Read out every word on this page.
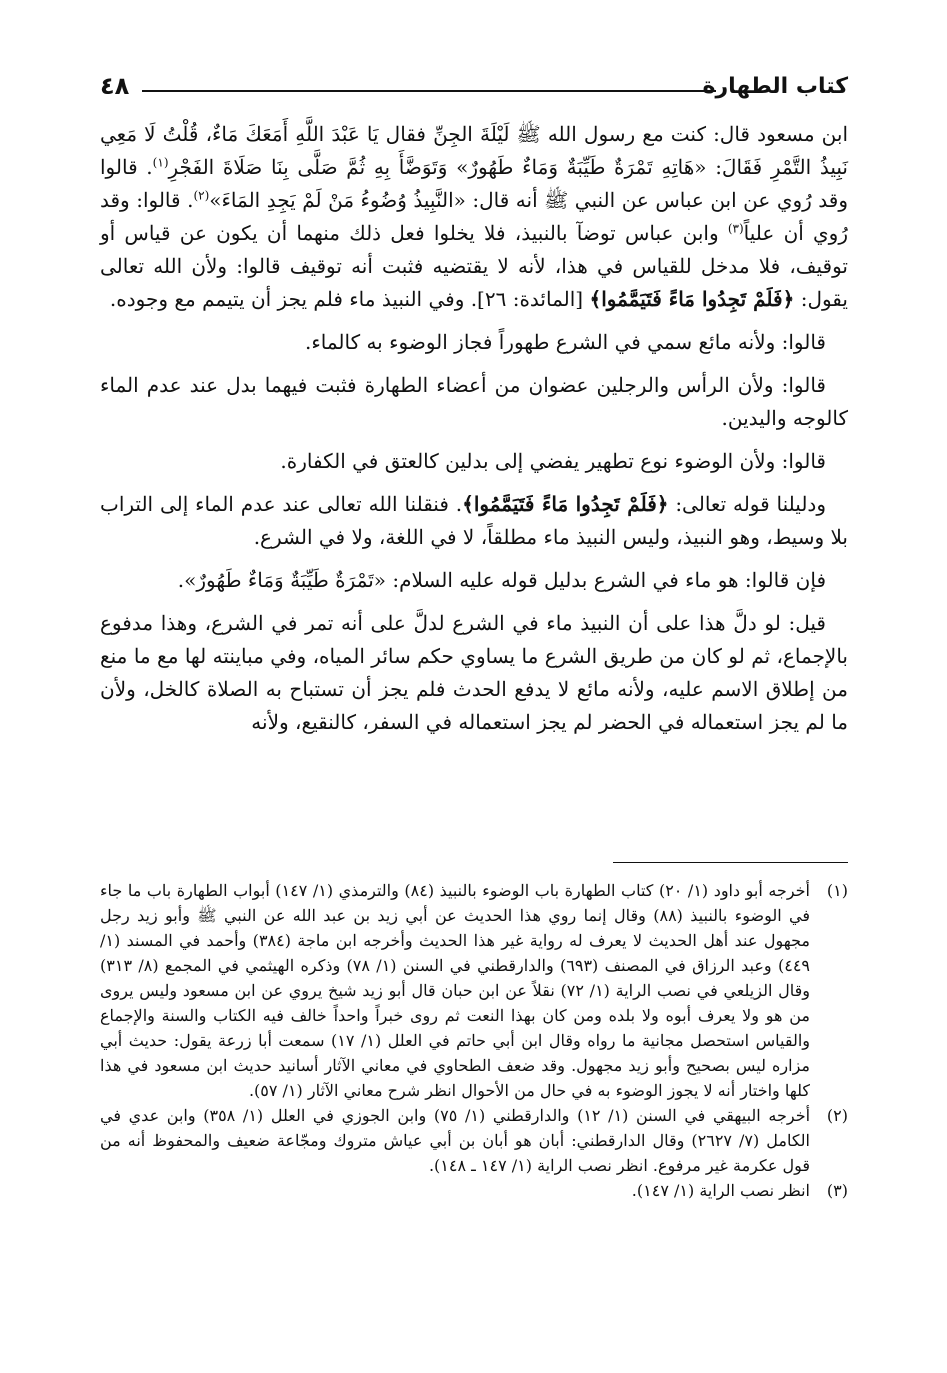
كتاب الطهارة
٤٨

ابن مسعود قال: كنت مع رسول الله ﷺ لَيْلَةَ الجِنِّ فقال يَا عَبْدَ اللَّهِ أَمَعَكَ مَاءٌ، قُلْتُ لَا مَعِي نَبِيذُ التَّمْرِ فَقَالَ: «هَاتِهِ تَمْرَةٌ طَيِّبَةٌ وَمَاءٌ طَهُورٌ» وَتَوَضَّأَ بِهِ ثُمَّ صَلَّى بِنَا صَلَاةَ الفَجْرِ$^{(١)}$. قالوا وقد رُوي عن ابن عباس عن النبي ﷺ أنه قال: «النَّبِيذُ وُضُوءُ مَنْ لَمْ يَجِدِ المَاءَ»$^{(٢)}$. قالوا: وقد رُوي أن علياً$^{(٣)}$ وابن عباس توضآ بالنبيذ، فلا يخلوا فعل ذلك منهما أن يكون عن قياس أو توقيف، فلا مدخل للقياس في هذا، لأنه لا يقتضيه فثبت أنه توقيف قالوا: ولأن الله تعالى يقول: ﴿فَلَمْ تَجِدُوا مَاءً فَتَيَمَّمُوا﴾ [المائدة: ٢٦]. وفي النبيذ ماء فلم يجز أن يتيمم مع وجوده.

قالوا: ولأنه مائع سمي في الشرع طهوراً فجاز الوضوء به كالماء.

قالوا: ولأن الرأس والرجلين عضوان من أعضاء الطهارة فثبت فيهما بدل عند عدم الماء كالوجه واليدين.

قالوا: ولأن الوضوء نوع تطهير يفضي إلى بدلين كالعتق في الكفارة.

ودليلنا قوله تعالى: ﴿فَلَمْ تَجِدُوا مَاءً فَتَيَمَّمُوا﴾. فنقلنا الله تعالى عند عدم الماء إلى التراب بلا وسيط، وهو النبيذ، وليس النبيذ ماء مطلقاً، لا في اللغة، ولا في الشرع.

فإن قالوا: هو ماء في الشرع بدليل قوله عليه السلام: «تَمْرَةٌ طَيِّبَةٌ وَمَاءٌ طَهُورٌ».

قيل: لو دلَّ هذا على أن النبيذ ماء في الشرع لدلَّ على أنه تمر في الشرع، وهذا مدفوع بالإجماع، ثم لو كان من طريق الشرع ما يساوي حكم سائر المياه، وفي مباينته لها مع ما منع من إطلاق الاسم عليه، ولأنه مائع لا يدفع الحدث فلم يجز أن تستباح به الصلاة كالخل، ولأن ما لم يجز استعماله في الحضر لم يجز استعماله في السفر، كالنقيع، ولأنه

(١)
أخرجه أبو داود (١/ ٢٠) كتاب الطهارة باب الوضوء بالنبيذ (٨٤) والترمذي (١/ ١٤٧) أبواب الطهارة باب ما جاء في الوضوء بالنبيذ (٨٨) وقال إنما روي هذا الحديث عن أبي زيد بن عبد الله عن النبي ﷺ وأبو زيد رجل مجهول عند أهل الحديث لا يعرف له رواية غير هذا الحديث وأخرجه ابن ماجة (٣٨٤) وأحمد في المسند (١/ ٤٤٩) وعبد الرزاق في المصنف (٦٩٣) والدارقطني في السنن (١/ ٧٨) وذكره الهيثمي في المجمع (٨/ ٣١٣) وقال الزيلعي في نصب الراية (١/ ٧٢) نقلاً عن ابن حبان قال أبو زيد شيخ يروي عن ابن مسعود وليس يروى من هو ولا يعرف أبوه ولا بلده ومن كان بهذا النعت ثم روى خبراً واحداً خالف فيه الكتاب والسنة والإجماع والقياس استحصل مجانية ما رواه وقال ابن أبي حاتم في العلل (١/ ١٧) سمعت أبا زرعة يقول: حديث أبي مزاره ليس بصحيح وأبو زيد مجهول. وقد ضعف الطحاوي في معاني الآثار أسانيد حديث ابن مسعود في هذا كلها واختار أنه لا يجوز الوضوء به في حال من الأحوال انظر شرح معاني الآثار (١/ ٥٧).
(٢)
أخرجه البيهقي في السنن (١/ ١٢) والدارقطني (١/ ٧٥) وابن الجوزي في العلل (١/ ٣٥٨) وابن عدي في الكامل (٧/ ٢٦٢٧) وقال الدارقطني: أبان هو أبان بن أبي عياش متروك ومجّاعة ضعيف والمحفوظ أنه من قول عكرمة غير مرفوع. انظر نصب الراية (١/ ١٤٧ ـ ١٤٨).
(٣)
انظر نصب الراية (١/ ١٤٧).
